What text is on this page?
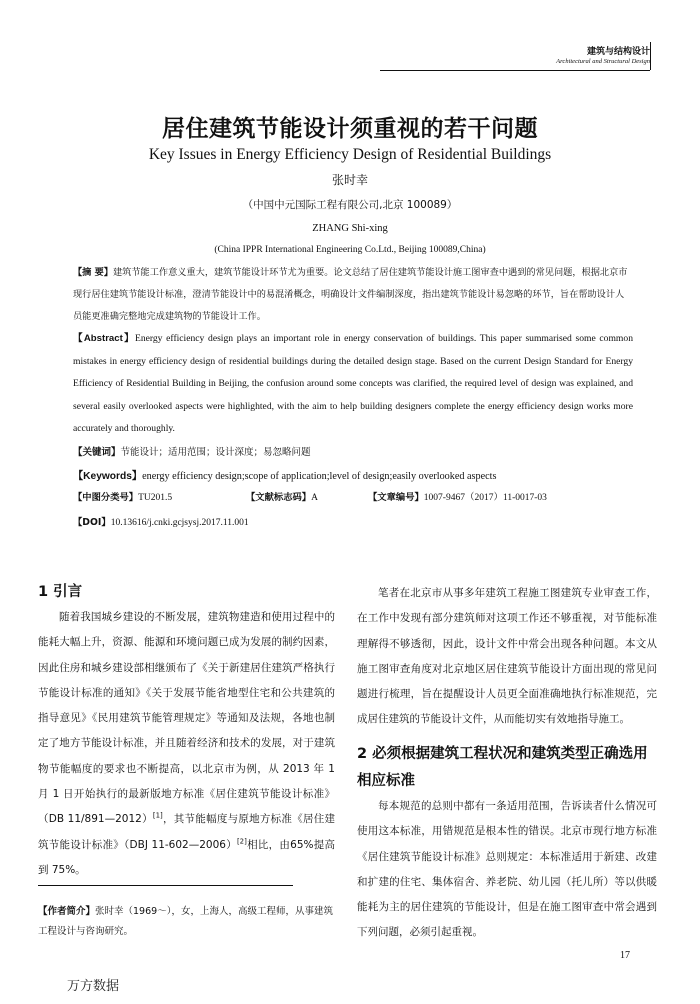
建筑与结构设计
Architectural and Structural Design
居住建筑节能设计须重视的若干问题
Key Issues in Energy Efficiency Design of Residential Buildings
张时幸
（中国中元国际工程有限公司,北京 100089）
ZHANG Shi-xing
(China IPPR International Engineering Co.Ltd., Beijing 100089,China)
【摘 要】建筑节能工作意义重大，建筑节能设计环节尤为重要。论文总结了居住建筑节能设计施工图审查中遇到的常见问题，根据北京市现行居住建筑节能设计标准，澄清节能设计中的易混淆概念，明确设计文件编制深度，指出建筑节能设计易忽略的环节，旨在帮助设计人员能更准确完整地完成建筑物的节能设计工作。
【Abstract】Energy efficiency design plays an important role in energy conservation of buildings. This paper summarised some common mistakes in energy efficiency design of residential buildings during the detailed design stage. Based on the current Design Standard for Energy Efficiency of Residential Building in Beijing, the confusion around some concepts was clarified, the required level of design was explained, and several easily overlooked aspects were highlighted, with the aim to help building designers complete the energy efficiency design works more accurately and thoroughly.
【关键词】节能设计；适用范围；设计深度；易忽略问题
【Keywords】energy efficiency design;scope of application;level of design;easily overlooked aspects
【中图分类号】TU201.5	【文献标志码】A	【文章编号】1007-9467（2017）11-0017-03
【DOI】10.13616/j.cnki.gcjsysj.2017.11.001
1 引言
随着我国城乡建设的不断发展，建筑物建造和使用过程中的能耗大幅上升，资源、能源和环境问题已成为发展的制约因素，因此住房和城乡建设部相继颁布了《关于新建居住建筑严格执行节能设计标准的通知》《关于发展节能省地型住宅和公共建筑的指导意见》《民用建筑节能管理规定》等通知及法规，各地也制定了地方节能设计标准，并且随着经济和技术的发展，对于建筑物节能幅度的要求也不断提高，以北京市为例，从 2013 年 1 月 1 日开始执行的最新版地方标准《居住建筑节能设计标准》（DB 11/891—2012）[1]，其节能幅度与原地方标准《居住建筑节能设计标准》（DBJ 11-602—2006）[2]相比，由65%提高到 75%。
【作者简介】张时幸（1969～），女，上海人，高级工程师，从事建筑工程设计与咨询研究。
笔者在北京市从事多年建筑工程施工图建筑专业审查工作，在工作中发现有部分建筑师对这项工作还不够重视，对节能标准理解得不够透彻，因此，设计文件中常会出现各种问题。本文从施工图审查角度对北京地区居住建筑节能设计方面出现的常见问题进行梳理，旨在提醒设计人员更全面准确地执行标准规范，完成居住建筑的节能设计文件，从而能切实有效地指导施工。
2 必须根据建筑工程状况和建筑类型正确选用相应标准
每本规范的总则中都有一条适用范围，告诉读者什么情况可使用这本标准，用错规范是根本性的错误。北京市现行地方标准《居住建筑节能设计标准》总则规定：本标准适用于新建、改建和扩建的住宅、集体宿舍、养老院、幼儿园（托儿所）等以供暖能耗为主的居住建筑的节能设计，但是在施工图审查中常会遇到下列问题，必须引起重视。
17
万方数据
